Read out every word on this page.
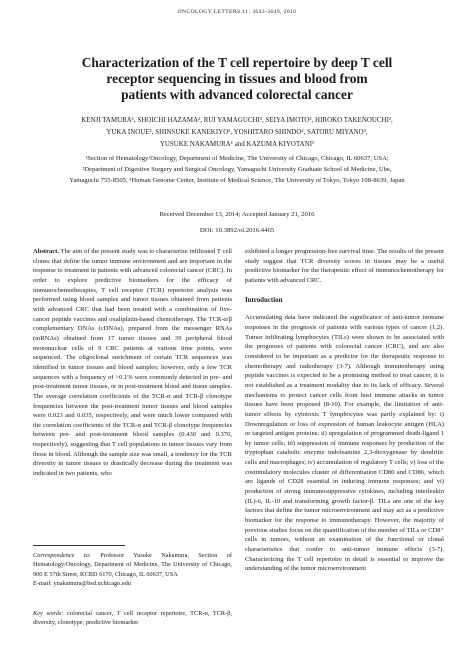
ONCOLOGY LETTERS 11: 3643-3649, 2016
Characterization of the T cell repertoire by deep T cell
receptor sequencing in tissues and blood from
patients with advanced colorectal cancer
KENJI TAMURA¹, SHOICHI HAZAMA², RUI YAMAGUCHI³, SEIYA IMOTO³, HIROKO TAKENOUCHI²,
YUKA INOUE², SHINSUKE KANEKIYO², YOSHITARO SHINDO², SATORU MIYANO³,
YUSUKE NAKAMURA¹ and KAZUMA KIYOTANI¹
¹Section of Hematology/Oncology, Department of Medicine, The University of Chicago, Chicago, IL 60637, USA;
²Department of Digestive Surgery and Surgical Oncology, Yamaguchi University Graduate School of Medicine, Ube,
Yamaguchi 755-8505; ³Human Genome Center, Institute of Medical Science, The University of Tokyo, Tokyo 108-8639, Japan
Received December 13, 2014; Accepted January 21, 2016
DOI: 10.3892/ol.2016.4465

Abstract. The aim of the present study was to characterize infiltrated T cell clones that define the tumor immune environment and are important in the response to treatment in patients with advanced colorectal cancer (CRC). In order to explore predictive biomarkers for the efficacy of immunochemotherapies, T cell receptor (TCR) repertoire analysis was performed using blood samples and tumor tissues obtained from patients with advanced CRC that had been treated with a combination of five-cancer peptide vaccines and oxaliplatin-based chemotherapy. The TCR-α/β complementary DNAs (cDNAs), prepared from the messenger RNAs (mRNAs) obtained from 17 tumor tissues and 39 peripheral blood mononuclear cells of 9 CRC patients at various time points, were sequenced. The oligoclonal enrichment of certain TCR sequences was identified in tumor tissues and blood samples; however, only a few TCR sequences with a frequency of >0.1% were commonly detected in pre- and post-treatment tumor tissues, or in post-treatment blood and tissue samples. The average correlation coefficients of the TCR-α and TCR-β clonotype frequencies between the post-treatment tumor tissues and blood samples were 0.023 and 0.035, respectively, and were much lower compared with the correlation coefficients of the TCR-α and TCR-β clonotype frequencies between pre- and post-treatment blood samples (0.430 and 0.370, respectively), suggesting that T cell populations in tumor tissues vary from those in blood. Although the sample size was small, a tendency for the TCR diversity in tumor tissues to drastically decrease during the treatment was indicated in two patients, who

exhibited a longer progression-free survival time. The results of the present study suggest that TCR diversity scores in tissues may be a useful predictive biomarker for the therapeutic effect of immunochemotherapy for patients with advanced CRC.

Introduction

Accumulating data have indicated the significance of anti-tumor immune responses in the prognosis of patients with various types of cancer (1,2). Tumor infiltrating lymphocytes (TILs) were shown to be associated with the prognoses of patients with colorectal cancer (CRC), and are also considered to be important as a predictor for the therapeutic response to chemotherapy and radiotherapy (3-7). Although immunotherapy using peptide vaccines is expected to be a promising method to treat cancer, it is not established as a treatment modality due to its lack of efficacy. Several mechanisms to protect cancer cells from host immune attacks in tumor tissues have been proposed (8-10). For example, the limitation of anti-tumor effects by cytotoxic T lymphocytes was partly explained by: i) Downregulation or loss of expression of human leukocyte antigen (HLA) or targeted antigen proteins; ii) upregulation of programmed death-ligand 1 by tumor cells; iii) suppression of immune responses by production of the tryptophan catabolic enzyme indoleamine 2,3-dioxygenase by dendritic cells and macrophages; iv) accumulation of regulatory T cells; v) loss of the costimulatory molecules cluster of differentiation CD80 and CD86, which are ligands of CD28 essential in inducing immune responses; and vi) production of strong immunosuppressive cytokines, including interleukin (IL)-6, IL-10 and transforming growth factor-β. TILs are one of the key factors that define the tumor microenvironment and may act as a predictive biomarker for the response to immunotherapy. However, the majority of previous studies focus on the quantification of the number of TILs or CD8⁺ cells in tumors, without an examination of the functional or clonal characteristics that confer to anti-tumor immune effects (3-7). Characterizing the T cell repertoire in detail is essential to improve the understanding of the tumor microenvironment

Correspondence to: Professor Yusuke Nakamura, Section of Hematology/Oncology, Department of Medicine, The University of Chicago, 900 E 57th Street, KCBD 6170, Chicago, IL 60637, USA

E-mail: ynakamura@bsd.uchicago.edu

Key words: colorectal cancer, T cell receptor repertoire, TCR-α, TCR-β, diversity, clonotype, predictive biomarker
